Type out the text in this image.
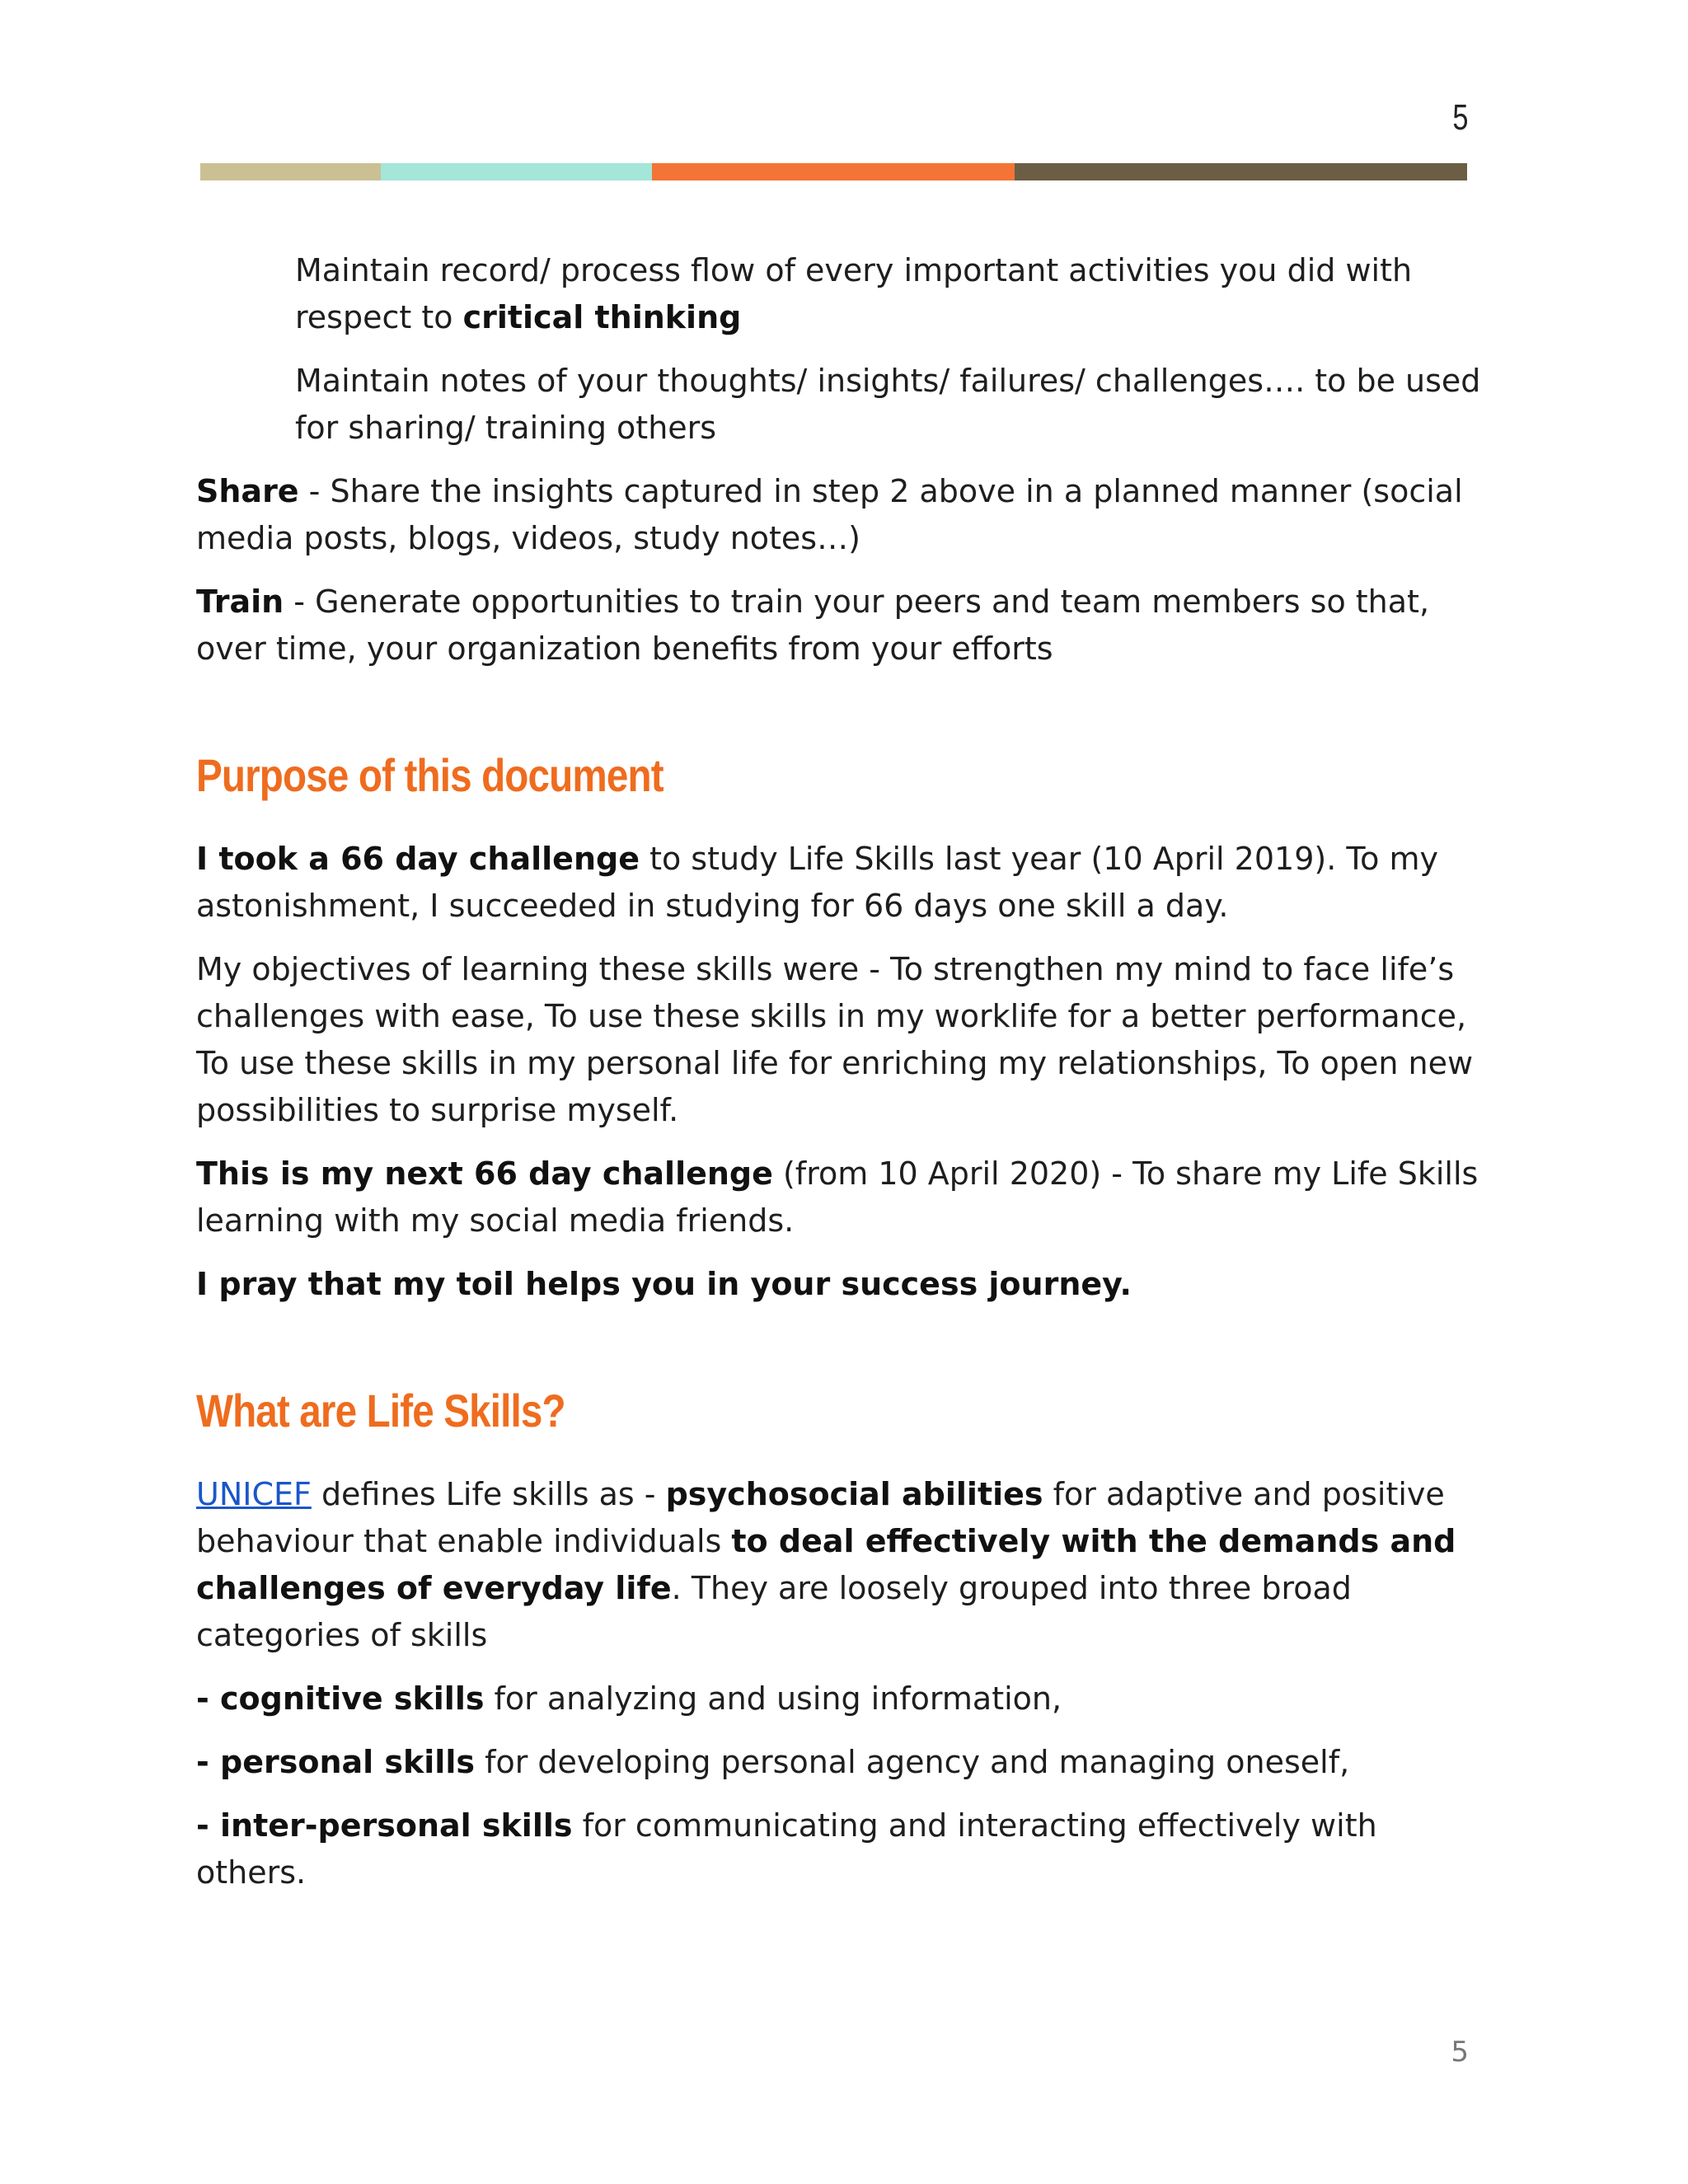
5

Maintain record/ process flow of every important activities you did with respect to critical thinking

Maintain notes of your thoughts/ insights/ failures/ challenges…. to be used for sharing/ training others

Share - Share the insights captured in step 2 above in a planned manner (social media posts, blogs, videos, study notes…)

Train - Generate opportunities to train your peers and team members so that, over time, your organization benefits from your efforts

Purpose of this document

I took a 66 day challenge to study Life Skills last year (10 April 2019). To my astonishment, I succeeded in studying for 66 days one skill a day.

My objectives of learning these skills were - To strengthen my mind to face life’s challenges with ease, To use these skills in my worklife for a better performance, To use these skills in my personal life for enriching my relationships, To open new possibilities to surprise myself.

This is my next 66 day challenge (from 10 April 2020) - To share my Life Skills learning with my social media friends.

I pray that my toil helps you in your success journey.

What are Life Skills?

UNICEF defines Life skills as - psychosocial abilities for adaptive and positive behaviour that enable individuals to deal effectively with the demands and challenges of everyday life. They are loosely grouped into three broad categories of skills

- cognitive skills for analyzing and using information,

- personal skills for developing personal agency and managing oneself,

- inter-personal skills for communicating and interacting effectively with others.

5
